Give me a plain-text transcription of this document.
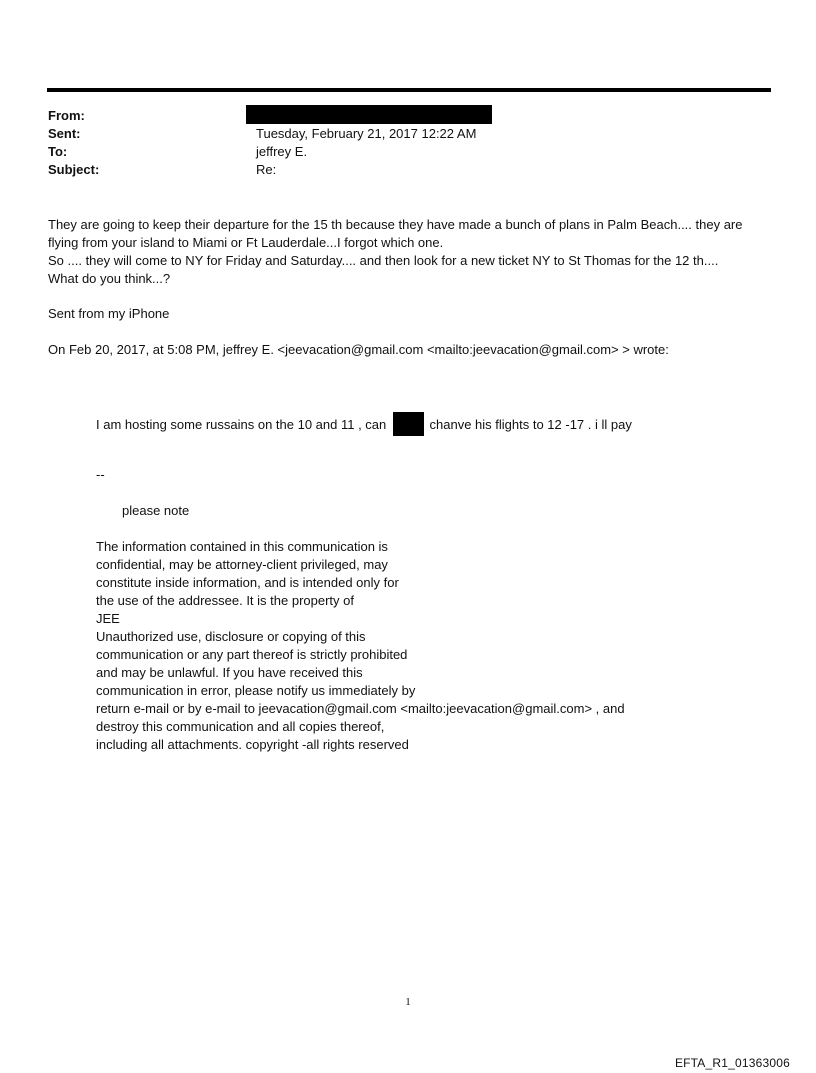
From:
Sent:	Tuesday, February 21, 2017 12:22 AM
To:	jeffrey E.
Subject:	Re:
They are going to keep their departure for the 15 th because they have made a bunch of plans in Palm Beach.... they are
flying from your island to Miami or Ft Lauderdale...I forgot which one.
So .... they will come to NY for Friday and Saturday.... and then look for a new ticket NY to St Thomas for the 12 th....
What do you think...?
Sent from my iPhone
On Feb 20, 2017, at 5:08 PM, jeffrey E. <jeevacation@gmail.com <mailto:jeevacation@gmail.com> > wrote:
I am hosting some russains on the 10 and 11 , can	chanve his flights to 12 -17 . i ll pay
--
please note
The information contained in this communication is
confidential, may be attorney-client privileged, may
constitute inside information, and is intended only for
the use of the addressee. It is the property of
JEE
Unauthorized use, disclosure or copying of this
communication or any part thereof is strictly prohibited
and may be unlawful. If you have received this
communication in error, please notify us immediately by
return e-mail or by e-mail to jeevacation@gmail.com <mailto:jeevacation@gmail.com> , and
destroy this communication and all copies thereof,
including all attachments. copyright -all rights reserved
1
EFTA_R1_01363006
